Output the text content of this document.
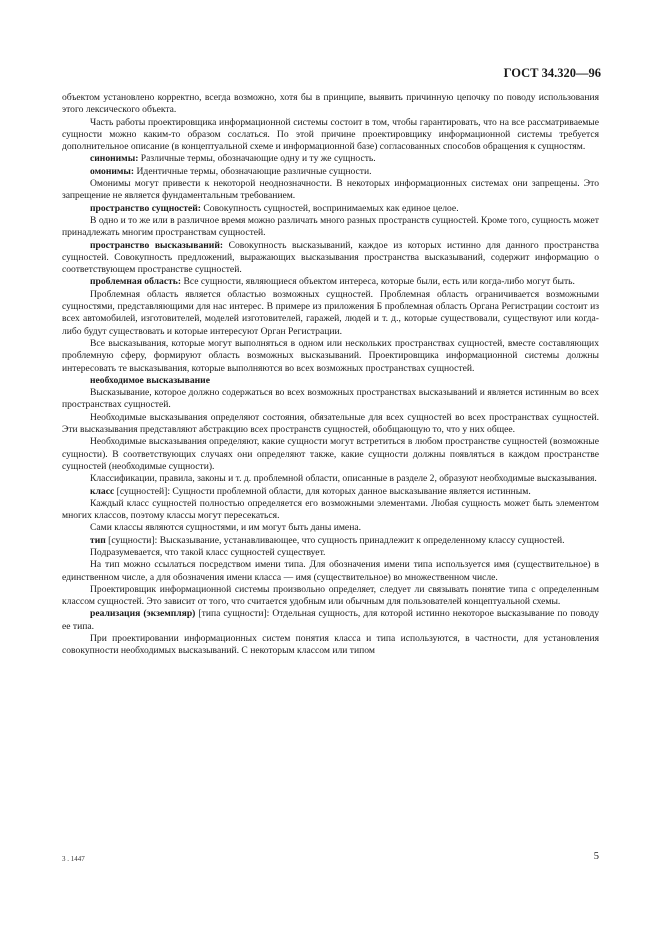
ГОСТ 34.320—96

объектом установлено корректно, всегда возможно, хотя бы в принципе, выявить причинную цепочку по поводу использования этого лексического объекта.

Часть работы проектировщика информационной системы состоит в том, чтобы гарантировать, что на все рассматриваемые сущности можно каким-то образом сослаться. По этой причине проектировщику информационной системы требуется дополнительное описание (в концептуальной схеме и информационной базе) согласованных способов обращения к сущностям.

синонимы: Различные термы, обозначающие одну и ту же сущность.

омонимы: Идентичные термы, обозначающие различные сущности.

Омонимы могут привести к некоторой неоднозначности. В некоторых информационных системах они запрещены. Это запрещение не является фундаментальным требованием.

пространство сущностей: Совокупность сущностей, воспринимаемых как единое целое.

В одно и то же или в различное время можно различать много разных пространств сущностей. Кроме того, сущность может принадлежать многим пространствам сущностей.

пространство высказываний: Совокупность высказываний, каждое из которых истинно для данного пространства сущностей. Совокупность предложений, выражающих высказывания пространства высказываний, содержит информацию о соответствующем пространстве сущностей.

проблемная область: Все сущности, являющиеся объектом интереса, которые были, есть или когда-либо могут быть.

Проблемная область является областью возможных сущностей. Проблемная область ограничивается возможными сущностями, представляющими для нас интерес. В примере из приложения Б проблемная область Органа Регистрации состоит из всех автомобилей, изготовителей, моделей изготовителей, гаражей, людей и т. д., которые существовали, существуют или когда-либо будут существовать и которые интересуют Орган Регистрации.

Все высказывания, которые могут выполняться в одном или нескольких пространствах сущностей, вместе составляющих проблемную сферу, формируют область возможных высказываний. Проектировщика информационной системы должны интересовать те высказывания, которые выполняются во всех возможных пространствах сущностей.

необходимое высказывание

Высказывание, которое должно содержаться во всех возможных пространствах высказываний и является истинным во всех пространствах сущностей.

Необходимые высказывания определяют состояния, обязательные для всех сущностей во всех пространствах сущностей. Эти высказывания представляют абстракцию всех пространств сущностей, обобщающую то, что у них общее.

Необходимые высказывания определяют, какие сущности могут встретиться в любом пространстве сущностей (возможные сущности). В соответствующих случаях они определяют также, какие сущности должны появляться в каждом пространстве сущностей (необходимые сущности).

Классификации, правила, законы и т. д. проблемной области, описанные в разделе 2, образуют необходимые высказывания.

класс [сущностей]: Сущности проблемной области, для которых данное высказывание является истинным.

Каждый класс сущностей полностью определяется его возможными элементами. Любая сущность может быть элементом многих классов, поэтому классы могут пересекаться.

Сами классы являются сущностями, и им могут быть даны имена.

тип [сущности]: Высказывание, устанавливающее, что сущность принадлежит к определенному классу сущностей.

Подразумевается, что такой класс сущностей существует.

На тип можно ссылаться посредством имени типа. Для обозначения имени типа используется имя (существительное) в единственном числе, а для обозначения имени класса — имя (существительное) во множественном числе.

Проектировщик информационной системы произвольно определяет, следует ли связывать понятие типа с определенным классом сущностей. Это зависит от того, что считается удобным или обычным для пользователей концептуальной схемы.

реализация (экземпляр) [типа сущности]: Отдельная сущность, для которой истинно некоторое высказывание по поводу ее типа.

При проектировании информационных систем понятия класса и типа используются, в частности, для установления совокупности необходимых высказываний. С некоторым классом или типом

3 . 1447	5
